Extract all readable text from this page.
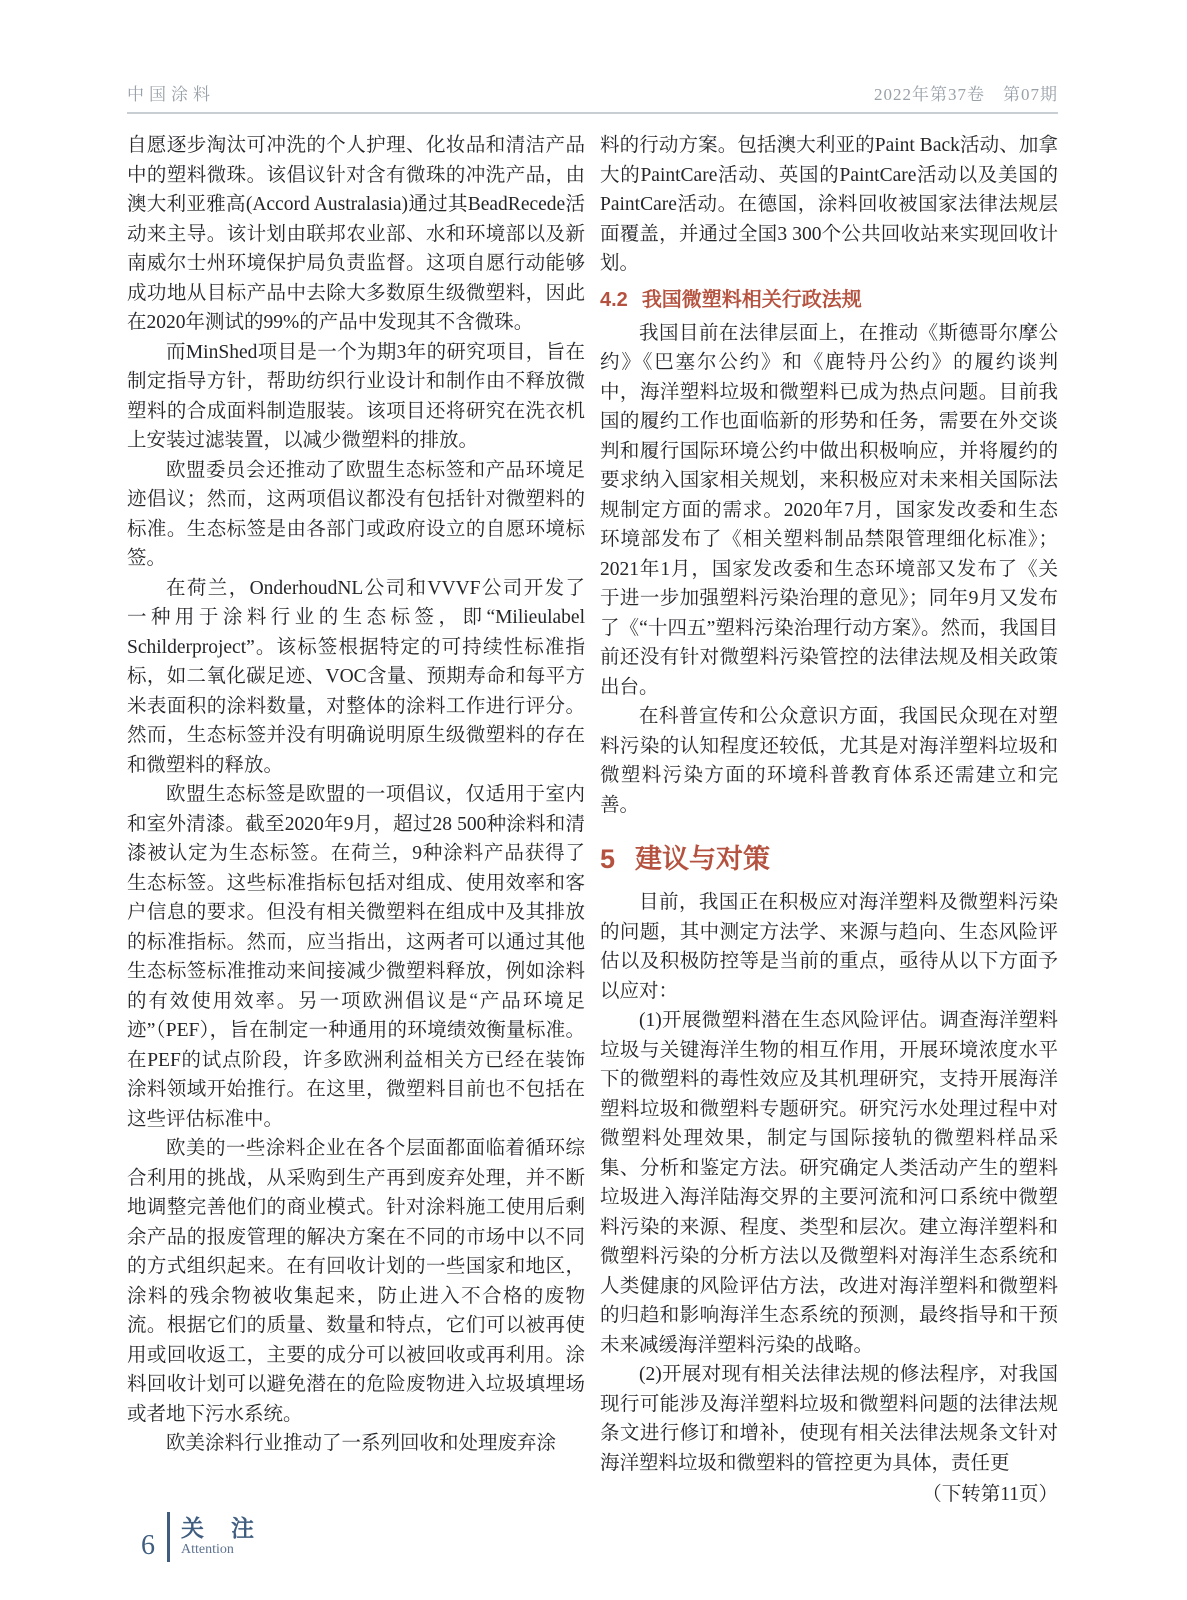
中国涂料	2022年第37卷　第07期

自愿逐步淘汰可冲洗的个人护理、化妆品和清洁产品中的塑料微珠。该倡议针对含有微珠的冲洗产品，由澳大利亚雅高(Accord Australasia)通过其BeadRecede活动来主导。该计划由联邦农业部、水和环境部以及新南威尔士州环境保护局负责监督。这项自愿行动能够成功地从目标产品中去除大多数原生级微塑料，因此在2020年测试的99%的产品中发现其不含微珠。

而MinShed项目是一个为期3年的研究项目，旨在制定指导方针，帮助纺织行业设计和制作由不释放微塑料的合成面料制造服装。该项目还将研究在洗衣机上安装过滤装置，以减少微塑料的排放。

欧盟委员会还推动了欧盟生态标签和产品环境足迹倡议；然而，这两项倡议都没有包括针对微塑料的标准。生态标签是由各部门或政府设立的自愿环境标签。

在荷兰，OnderhoudNL公司和VVVF公司开发了一种用于涂料行业的生态标签，即“Milieulabel Schilderproject”。该标签根据特定的可持续性标准指标，如二氧化碳足迹、VOC含量、预期寿命和每平方米表面积的涂料数量，对整体的涂料工作进行评分。然而，生态标签并没有明确说明原生级微塑料的存在和微塑料的释放。

欧盟生态标签是欧盟的一项倡议，仅适用于室内和室外清漆。截至2020年9月，超过28 500种涂料和清漆被认定为生态标签。在荷兰，9种涂料产品获得了生态标签。这些标准指标包括对组成、使用效率和客户信息的要求。但没有相关微塑料在组成中及其排放的标准指标。然而，应当指出，这两者可以通过其他生态标签标准推动来间接减少微塑料释放，例如涂料的有效使用效率。另一项欧洲倡议是“产品环境足迹”（PEF），旨在制定一种通用的环境绩效衡量标准。在PEF的试点阶段，许多欧洲利益相关方已经在装饰涂料领域开始推行。在这里，微塑料目前也不包括在这些评估标准中。

欧美的一些涂料企业在各个层面都面临着循环综合利用的挑战，从采购到生产再到废弃处理，并不断地调整完善他们的商业模式。针对涂料施工使用后剩余产品的报废管理的解决方案在不同的市场中以不同的方式组织起来。在有回收计划的一些国家和地区，涂料的残余物被收集起来，防止进入不合格的废物流。根据它们的质量、数量和特点，它们可以被再使用或回收返工，主要的成分可以被回收或再利用。涂料回收计划可以避免潜在的危险废物进入垃圾填埋场或者地下污水系统。

欧美涂料行业推动了一系列回收和处理废弃涂

料的行动方案。包括澳大利亚的Paint Back活动、加拿大的PaintCare活动、英国的PaintCare活动以及美国的PaintCare活动。在德国，涂料回收被国家法律法规层面覆盖，并通过全国3 300个公共回收站来实现回收计划。

4.2 我国微塑料相关行政法规

我国目前在法律层面上，在推动《斯德哥尔摩公约》《巴塞尔公约》和《鹿特丹公约》的履约谈判中，海洋塑料垃圾和微塑料已成为热点问题。目前我国的履约工作也面临新的形势和任务，需要在外交谈判和履行国际环境公约中做出积极响应，并将履约的要求纳入国家相关规划，来积极应对未来相关国际法规制定方面的需求。2020年7月，国家发改委和生态环境部发布了《相关塑料制品禁限管理细化标准》；2021年1月，国家发改委和生态环境部又发布了《关于进一步加强塑料污染治理的意见》；同年9月又发布了《“十四五”塑料污染治理行动方案》。然而，我国目前还没有针对微塑料污染管控的法律法规及相关政策出台。

在科普宣传和公众意识方面，我国民众现在对塑料污染的认知程度还较低，尤其是对海洋塑料垃圾和微塑料污染方面的环境科普教育体系还需建立和完善。

5 建议与对策

目前，我国正在积极应对海洋塑料及微塑料污染的问题，其中测定方法学、来源与趋向、生态风险评估以及积极防控等是当前的重点，亟待从以下方面予以应对：

(1)开展微塑料潜在生态风险评估。调查海洋塑料垃圾与关键海洋生物的相互作用，开展环境浓度水平下的微塑料的毒性效应及其机理研究，支持开展海洋塑料垃圾和微塑料专题研究。研究污水处理过程中对微塑料处理效果，制定与国际接轨的微塑料样品采集、分析和鉴定方法。研究确定人类活动产生的塑料垃圾进入海洋陆海交界的主要河流和河口系统中微塑料污染的来源、程度、类型和层次。建立海洋塑料和微塑料污染的分析方法以及微塑料对海洋生态系统和人类健康的风险评估方法，改进对海洋塑料和微塑料的归趋和影响海洋生态系统的预测，最终指导和干预未来减缓海洋塑料污染的战略。

(2)开展对现有相关法律法规的修法程序，对我国现行可能涉及海洋塑料垃圾和微塑料问题的法律法规条文进行修订和增补，使现有相关法律法规条文针对海洋塑料垃圾和微塑料的管控更为具体，责任更

（下转第11页）

6
关　注
Attention
